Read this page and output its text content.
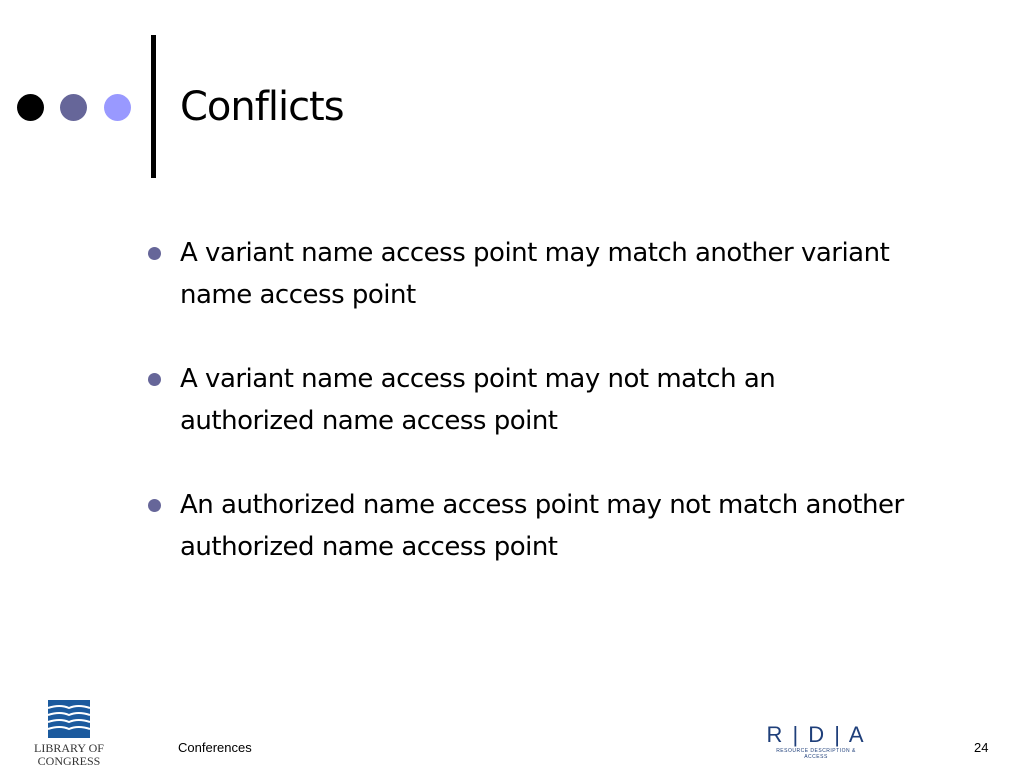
Conflicts
A variant name access point may match another variant name access point
A variant name access point may not match an authorized name access point
An authorized name access point may not match another authorized name access point
LIBRARY OF CONGRESS
Conferences
R | D | A
RESOURCE DESCRIPTION & ACCESS
24
